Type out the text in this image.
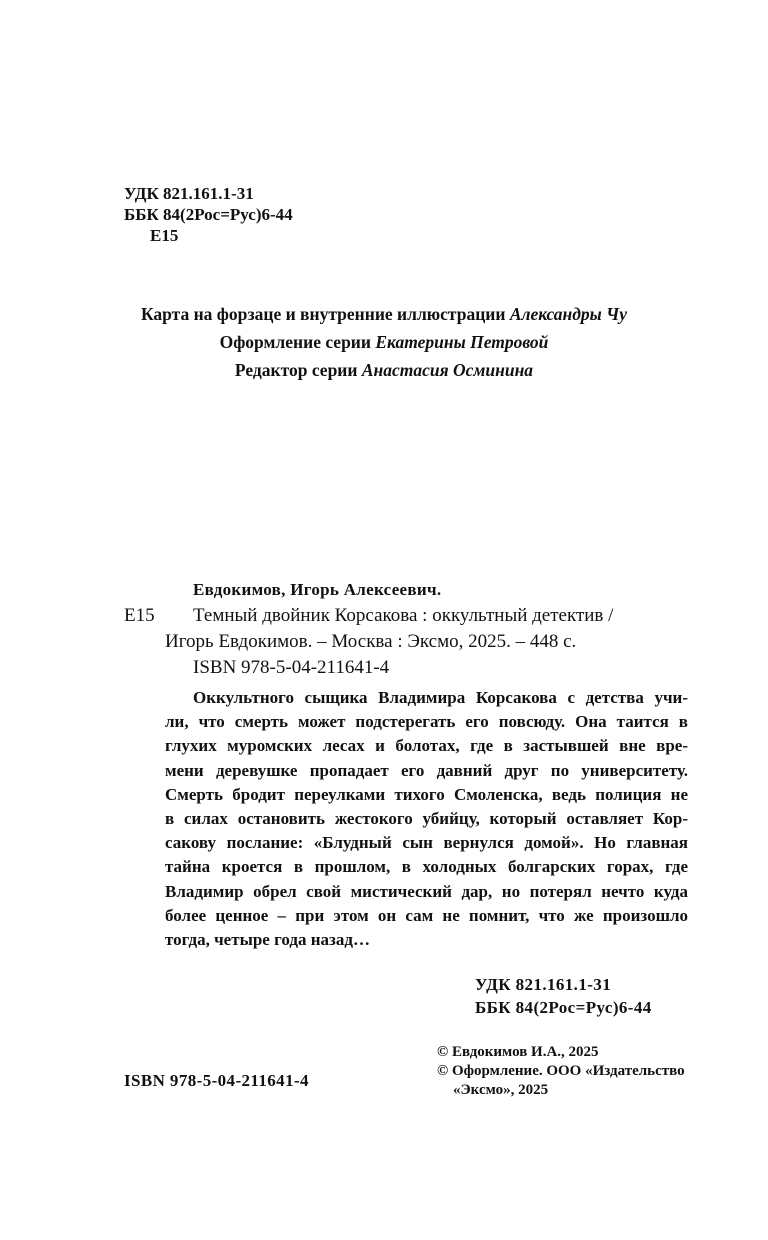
УДК 821.161.1-31
ББК 84(2Рос=Рус)6-44
Е15
Карта на форзаце и внутренние иллюстрации Александры Чу
Оформление серии Екатерины Петровой
Редактор серии Анастасия Осминина
Евдокимов, Игорь Алексеевич.
Е15 Темный двойник Корсакова : оккультный детектив /
Игорь Евдокимов. – Москва : Эксмо, 2025. – 448 с.
ISBN 978-5-04-211641-4
Оккультного сыщика Владимира Корсакова с детства учи-
ли, что смерть может подстерегать его повсюду. Она таится в
глухих муромских лесах и болотах, где в застывшей вне вре-
мени деревушке пропадает его давний друг по университету.
Смерть бродит переулками тихого Смоленска, ведь полиция не
в силах остановить жестокого убийцу, который оставляет Кор-
сакову послание: «Блудный сын вернулся домой». Но главная
тайна кроется в прошлом, в холодных болгарских горах, где
Владимир обрел свой мистический дар, но потерял нечто куда
более ценное – при этом он сам не помнит, что же произошло
тогда, четыре года назад…
УДК 821.161.1-31
ББК 84(2Рос=Рус)6-44
© Евдокимов И.А., 2025
© Оформление. ООО «Издательство
«Эксмо», 2025
ISBN 978-5-04-211641-4
